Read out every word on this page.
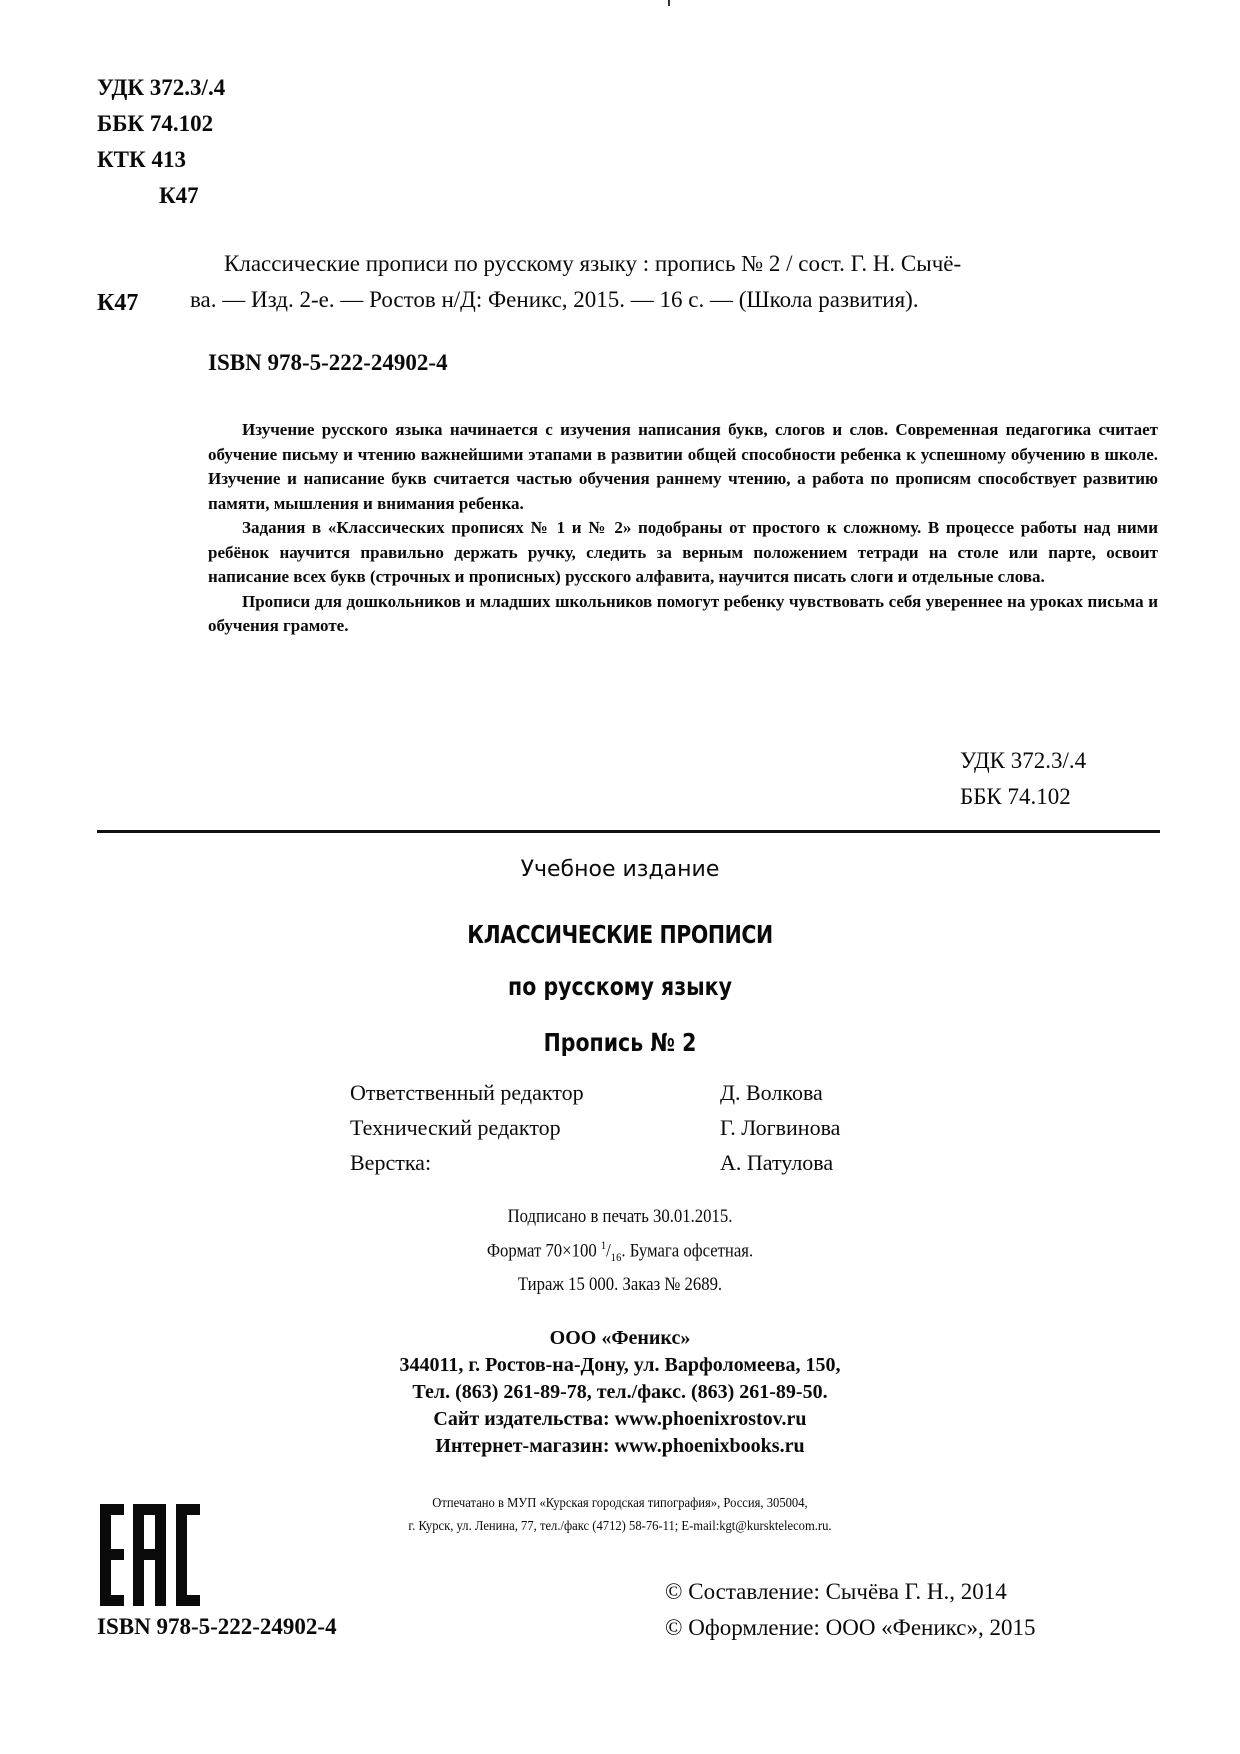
УДК 372.3/.4
ББК 74.102
КТК 413
К47
К47
Классические прописи по русскому языку : пропись № 2 / сост. Г. Н. Сычё-
ва. — Изд. 2-е. — Ростов н/Д: Феникс, 2015. — 16 с. — (Школа развития).
ISBN 978-5-222-24902-4

Изучение русского языка начинается с изучения написания букв, слогов и слов. Современная педагогика считает обучение письму и чтению важнейшими этапами в развитии общей способности ребенка к успешному обучению в школе. Изучение и написание букв считается частью обучения раннему чтению, а работа по прописям способствует развитию памяти, мышления и внимания ребенка.

Задания в «Классических прописях № 1 и № 2» подобраны от простого к сложному. В процессе работы над ними ребёнок научится правильно держать ручку, следить за верным положением тетради на столе или парте, освоит написание всех букв (строчных и прописных) русского алфавита, научится писать слоги и отдельные слова.

Прописи для дошкольников и младших школьников помогут ребенку чувствовать себя увереннее на уроках письма и обучения грамоте.

УДК 372.3/.4
ББК 74.102
Учебное издание
КЛАССИЧЕСКИЕ ПРОПИСИ
по русскому языку
Пропись № 2
Ответственный редактор	Д. Волкова
Технический редактор	Г. Логвинова
Верстка:	А. Патулова
Подписано в печать 30.01.2015.
Формат 70×100 $^1/_{16}$. Бумага офсетная.
Тираж 15 000. Заказ № 2689.
ООО «Феникс»
344011, г. Ростов-на-Дону, ул. Варфоломеева, 150,
Тел. (863) 261-89-78, тел./факс. (863) 261-89-50.
Сайт издательства: www.phoenixrostov.ru
Интернет-магазин: www.phoenixbooks.ru
Отпечатано в МУП «Курская городская типография», Россия, 305004,
г. Курск, ул. Ленина, 77, тел./факс (4712) 58-76-11; E-mail:kgt@kursktelecom.ru.
ISBN 978-5-222-24902-4
© Составление: Сычёва Г. Н., 2014
© Оформление: ООО «Феникс», 2015
